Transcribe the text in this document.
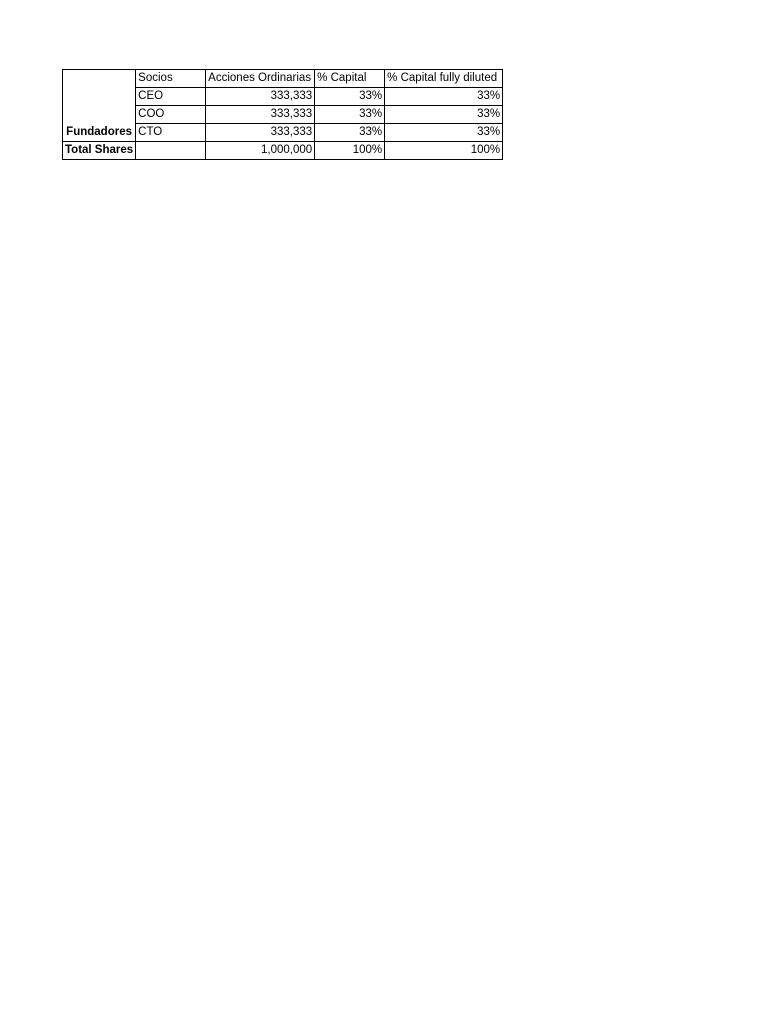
	Socios	Acciones Ordinarias	% Capital	% Capital fully diluted
	CEO	333,333	33%	33%
	COO	333,333	33%	33%
Fundadores	CTO	333,333	33%	33%
Total Shares		1,000,000	100%	100%
